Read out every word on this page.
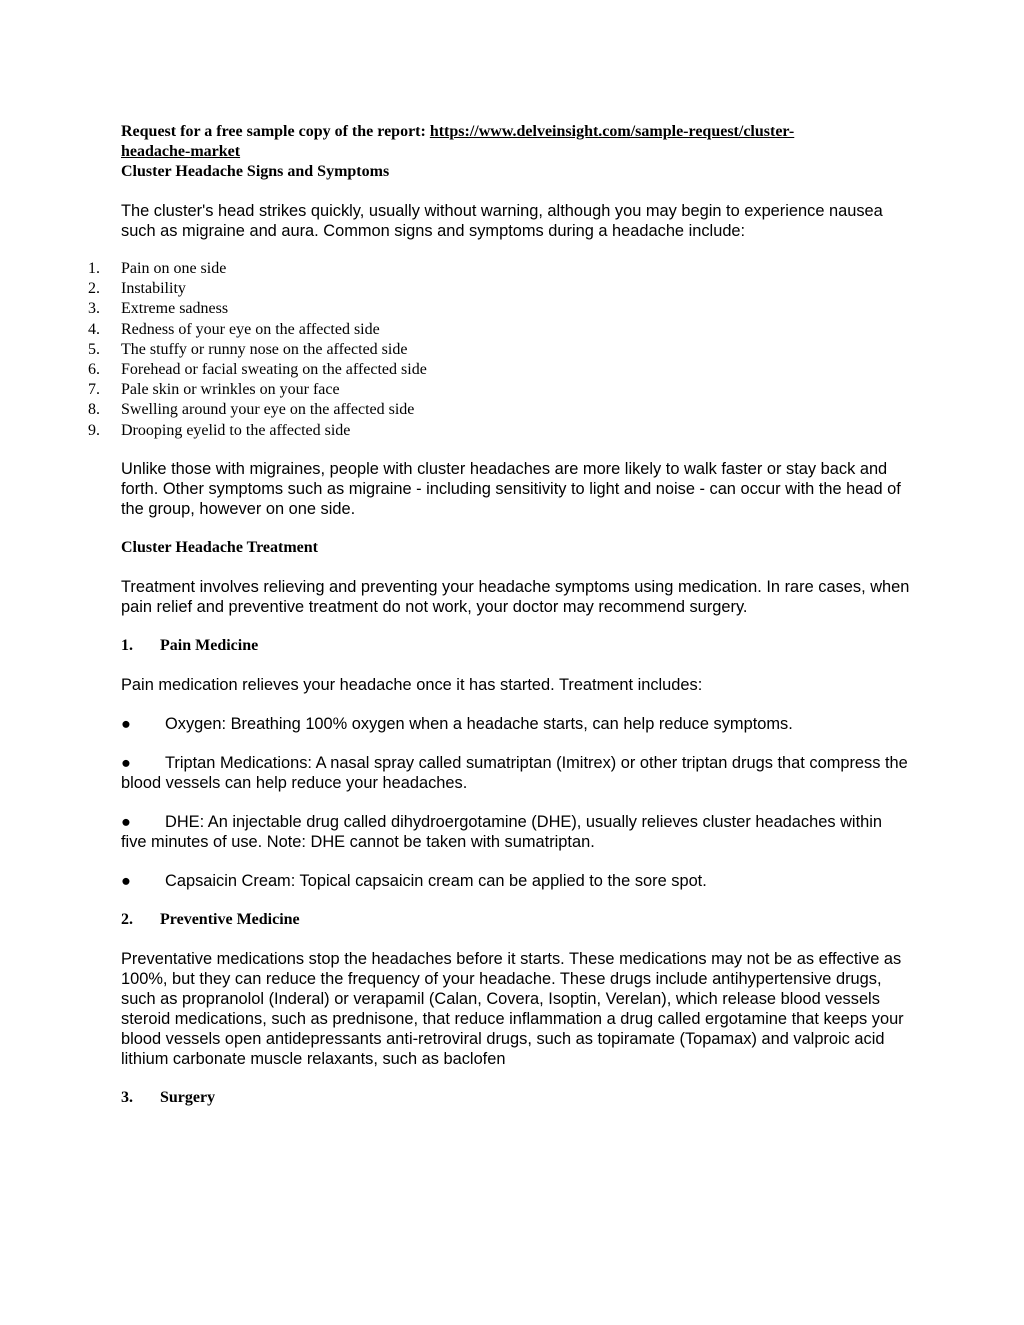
Request for a free sample copy of the report: https://www.delveinsight.com/sample-request/cluster-
headache-market

Cluster Headache Signs and Symptoms

The cluster's head strikes quickly, usually without warning, although you may begin to experience nausea such as migraine and aura. Common signs and symptoms during a headache include:

1.	Pain on one side
2.	Instability
3.	Extreme sadness
4.	Redness of your eye on the affected side
5.	The stuffy or runny nose on the affected side
6.	Forehead or facial sweating on the affected side
7.	Pale skin or wrinkles on your face
8.	Swelling around your eye on the affected side
9.	Drooping eyelid to the affected side

Unlike those with migraines, people with cluster headaches are more likely to walk faster or stay back and forth. Other symptoms such as migraine - including sensitivity to light and noise - can occur with the head of the group, however on one side.

Cluster Headache Treatment

Treatment involves relieving and preventing your headache symptoms using medication. In rare cases, when pain relief and preventive treatment do not work, your doctor may recommend surgery.

1. Pain Medicine

Pain medication relieves your headache once it has started. Treatment includes:

● Oxygen: Breathing 100% oxygen when a headache starts, can help reduce symptoms.

● Triptan Medications: A nasal spray called sumatriptan (Imitrex) or other triptan drugs that compress the blood vessels can help reduce your headaches.

● DHE: An injectable drug called dihydroergotamine (DHE), usually relieves cluster headaches within five minutes of use. Note: DHE cannot be taken with sumatriptan.

● Capsaicin Cream: Topical capsaicin cream can be applied to the sore spot.

2. Preventive Medicine

Preventative medications stop the headaches before it starts. These medications may not be as effective as 100%, but they can reduce the frequency of your headache. These drugs include antihypertensive drugs, such as propranolol (Inderal) or verapamil (Calan, Covera, Isoptin, Verelan), which release blood vessels steroid medications, such as prednisone, that reduce inflammation a drug called ergotamine that keeps your blood vessels open antidepressants anti-retroviral drugs, such as topiramate (Topamax) and valproic acid lithium carbonate muscle relaxants, such as baclofen

3. Surgery
